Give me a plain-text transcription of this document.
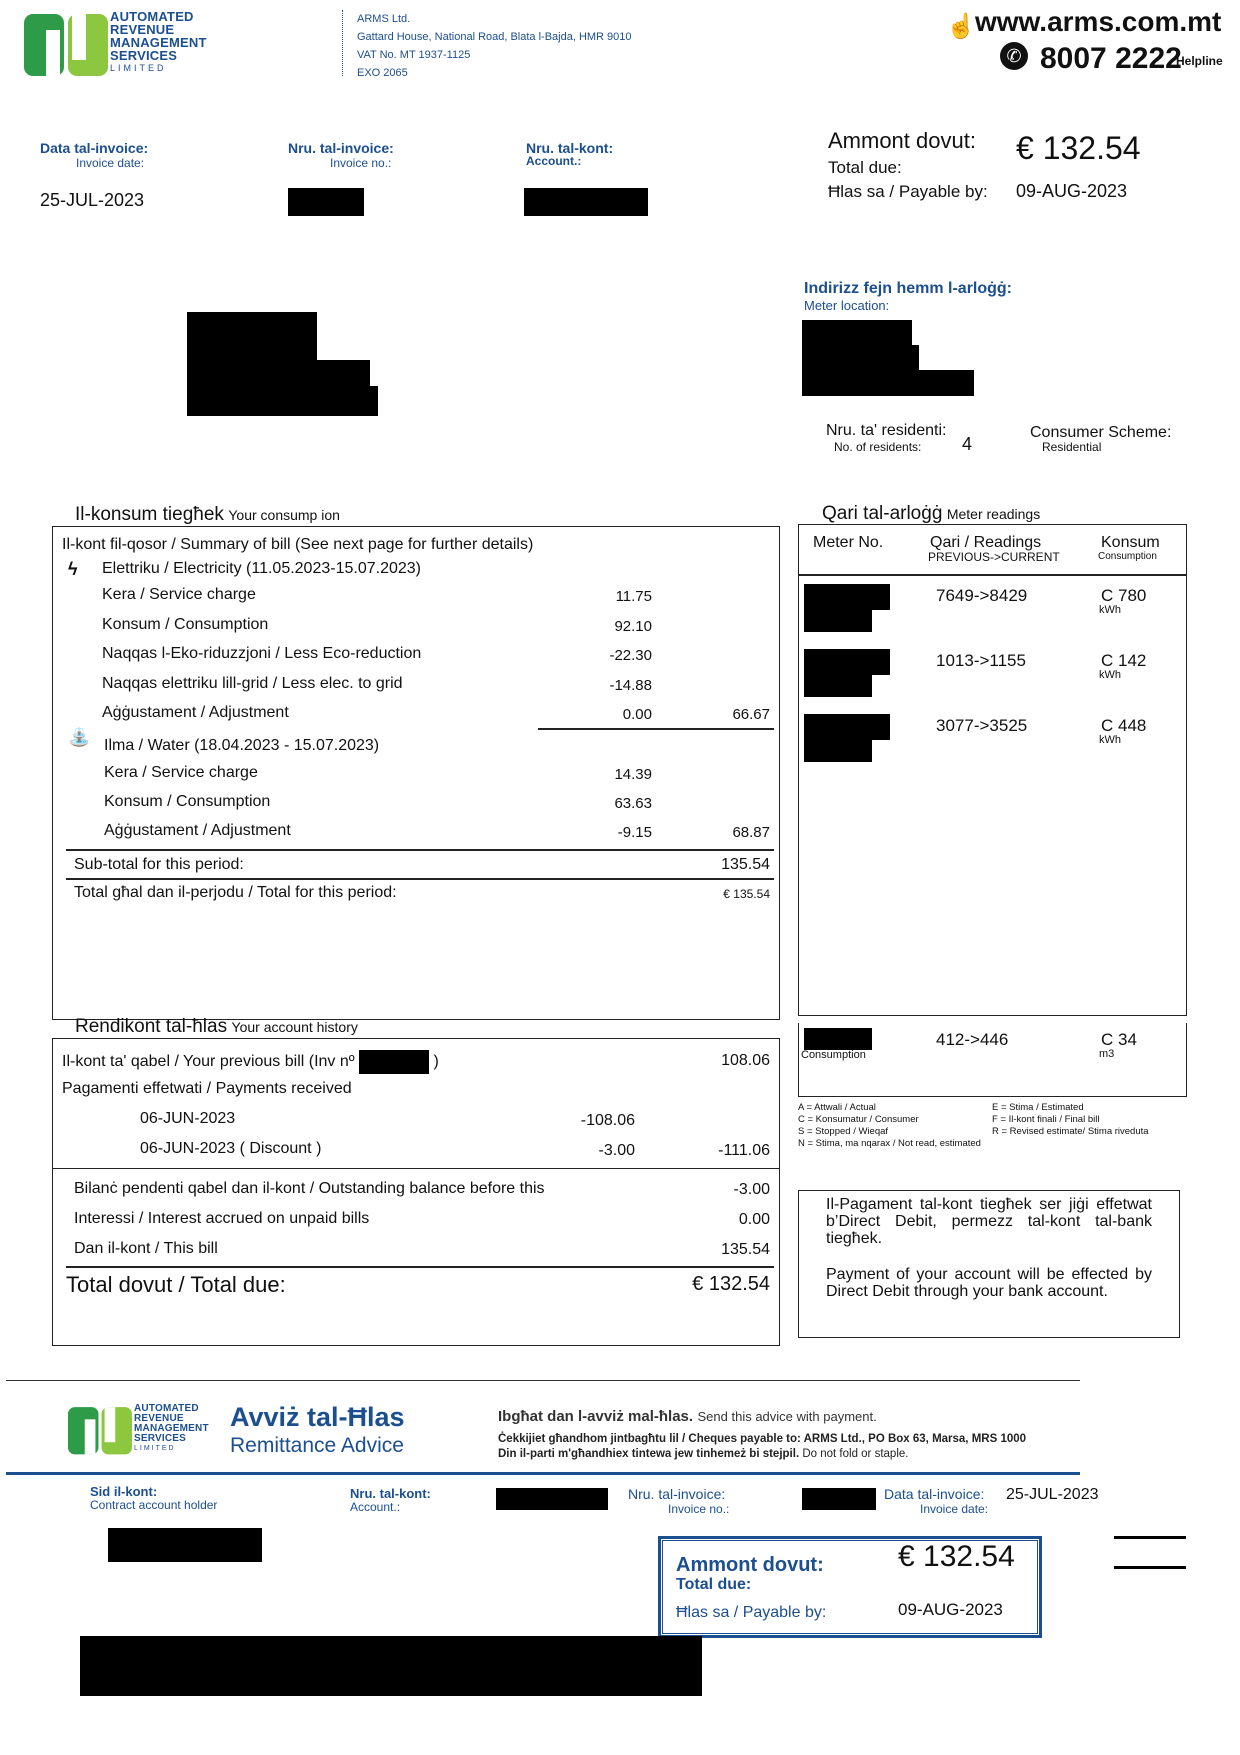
AUTOMATED
REVENUE
MANAGEMENT
SERVICES
LIMITED
ARMS Ltd.
Gattard House, National Road, Blata l-Bajda, HMR 9010
VAT No. MT 1937-1125
EXO 2065
☝ www.arms.com.mt
✆ 8007 2222
Helpline
Data tal-invoice:
Invoice date:
25-JUL-2023
Nru. tal-invoice:
Invoice no.:
Nru. tal-kont:
Account.:
Ammont dovut:
Total due:
€ 132.54
Ħlas sa / Payable by: 09-AUG-2023
Indirizz fejn hemm l-arloġġ:
Meter location:
Nru. ta' residenti:
No. of residents: 4
Consumer Scheme:
Residential
Il-konsum tiegħek Your consump ion
Il-kont fil-qosor / Summary of bill (See next page for further details)
ϟ Elettriku / Electricity (11.05.2023-15.07.2023)
Kera / Service charge	11.75
Konsum / Consumption	92.10
Naqqas l-Eko-riduzzjoni / Less Eco-reduction	-22.30
Naqqas elettriku lill-grid / Less elec. to grid	-14.88
Aġġustament / Adjustment	0.00	66.67
⛲ Ilma / Water (18.04.2023 - 15.07.2023)
Kera / Service charge	14.39
Konsum / Consumption	63.63
Aġġustament / Adjustment	-9.15	68.87
Sub-total for this period:	135.54
Total għal dan il-perjodu / Total for this period:	€ 135.54
Qari tal-arloġġ Meter readings
Meter No.	Qari / Readings
PREVIOUS->CURRENT
Konsum
Consumption
7649->8429	C 780
kWh
1013->1155	C 142
kWh
3077->3525	C 448
kWh
Consumption
412->446	C 34
m3
A = Attwali / Actual	E = Stima / Estimated
C = Konsumatur / Consumer	F = Il-kont finali / Final bill
S = Stopped / Wieqaf	R = Revised estimate/ Stima riveduta
N = Stima, ma nqarax / Not read, estimated
Rendikont tal-ħlas Your account history
Il-kont ta' qabel / Your previous bill (Inv nº	)	108.06
Pagamenti effetwati / Payments received
06-JUN-2023	-108.06
06-JUN-2023 ( Discount )	-3.00	-111.06
Bilanċ pendenti qabel dan il-kont / Outstanding balance before this	-3.00
Interessi / Interest accrued on unpaid bills	0.00
Dan il-kont / This bill	135.54
Total dovut / Total due:	€ 132.54
Il-Pagament tal-kont tiegħek ser jiġi effetwat b’Direct Debit, permezz tal-kont tal-bank tiegħek.
Payment of your account will be effected by Direct Debit through your bank account.
AUTOMATED
REVENUE
MANAGEMENT
SERVICES
LIMITED
Avviż tal-Ħlas
Remittance Advice
Ibgħat dan l-avviż mal-ħlas. Send this advice with payment.
Ċekkijiet għandhom jintbagħtu lil / Cheques payable to: ARMS Ltd., PO Box 63, Marsa, MRS 1000
Din il-parti m'għandhiex tintewa jew tinhemeż bi stejpil. Do not fold or staple.
Sid il-kont:
Contract account holder
Nru. tal-kont:
Account.:
Nru. tal-invoice:
Invoice no.:
Data tal-invoice:
Invoice date:
25-JUL-2023
Ammont dovut:
Total due:
€ 132.54
Ħlas sa / Payable by:	09-AUG-2023
